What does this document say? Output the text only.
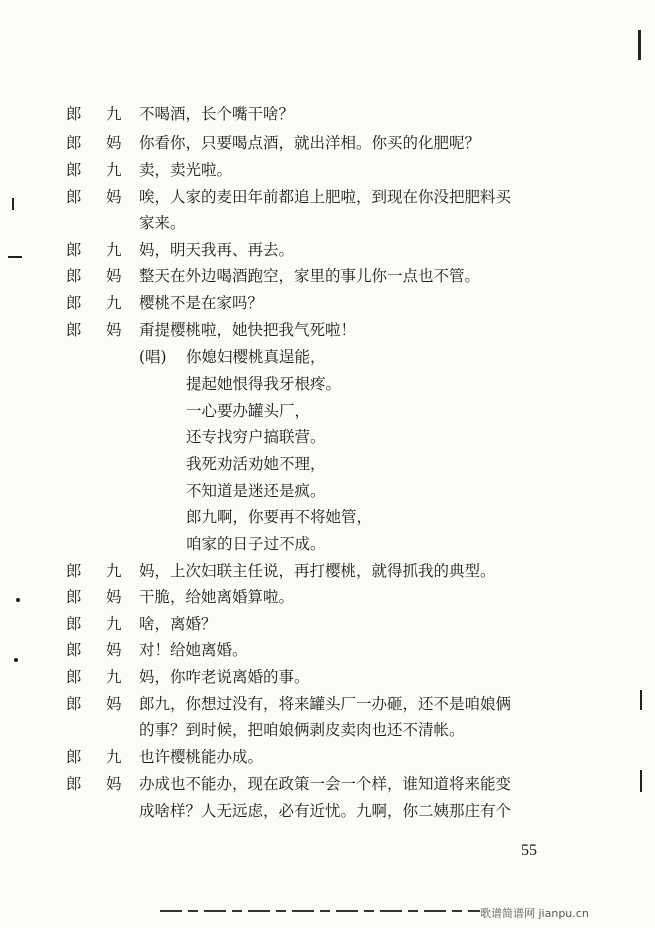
郎 九 不喝酒，长个嘴干啥？
郎 妈 你看你，只要喝点酒，就出洋相。你买的化肥呢？
郎 九 卖，卖光啦。
郎 妈 唉，人家的麦田年前都追上肥啦，到现在你没把肥料买
家来。
郎 九 妈，明天我再、再去。
郎 妈 整天在外边喝酒跑空，家里的事儿你一点也不管。
郎 九 樱桃不是在家吗？
郎 妈 甭提樱桃啦，她快把我气死啦！
(唱) 你媳妇樱桃真逞能，
提起她恨得我牙根疼。
一心要办罐头厂，
还专找穷户搞联营。
我死劝活劝她不理，
不知道是迷还是疯。
郎九啊，你要再不将她管，
咱家的日子过不成。
郎 九 妈，上次妇联主任说，再打樱桃，就得抓我的典型。
郎 妈 干脆，给她离婚算啦。
郎 九 啥，离婚？
郎 妈 对！给她离婚。
郎 九 妈，你咋老说离婚的事。
郎 妈 郎九，你想过没有，将来罐头厂一办砸，还不是咱娘俩
的事？到时候，把咱娘俩剥皮卖肉也还不清帐。
郎 九 也许樱桃能办成。
郎 妈 办成也不能办，现在政策一会一个样，谁知道将来能变
成啥样？人无远虑，必有近忧。九啊，你二姨那庄有个
55
歌谱简谱网 jianpu.cn
